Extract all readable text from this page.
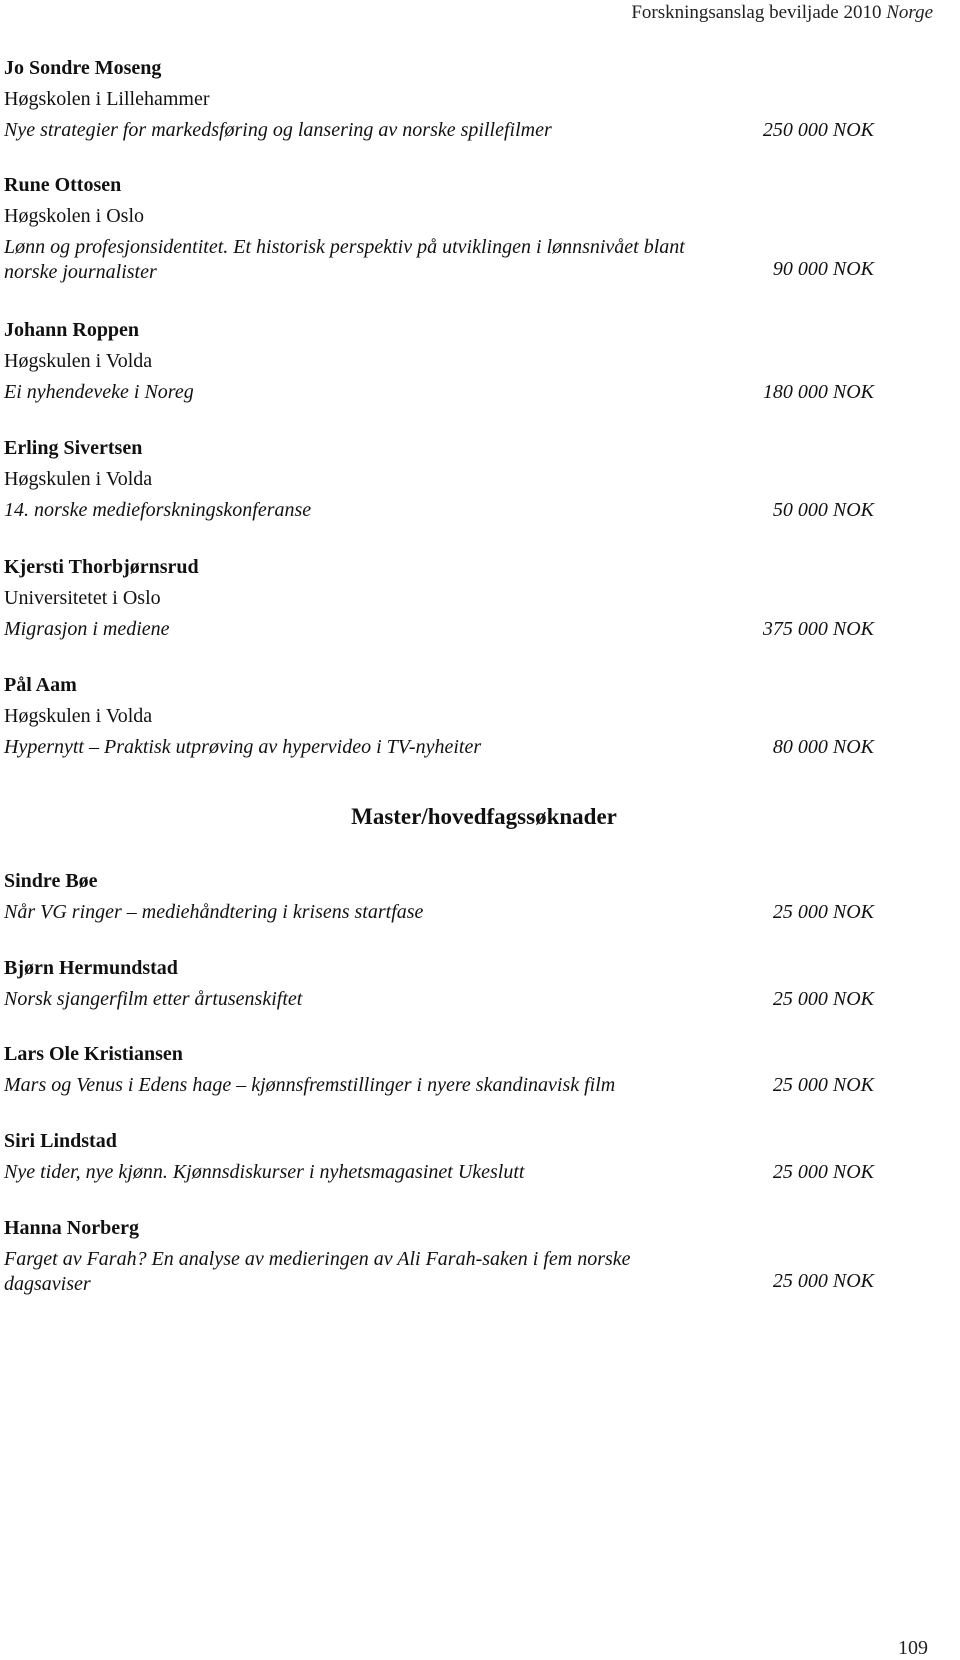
Forskningsanslag beviljade 2010 Norge
Jo Sondre Moseng
Høgskolen i Lillehammer
Nye strategier for markedsføring og lansering av norske spillefilmer	250 000 NOK
Rune Ottosen
Høgskolen i Oslo
Lønn og profesjonsidentitet. Et historisk perspektiv på utviklingen i lønnsnivået blant norske journalister	90 000 NOK
Johann Roppen
Høgskulen i Volda
Ei nyhendeveke i Noreg	180 000 NOK
Erling Sivertsen
Høgskulen i Volda
14. norske medieforskningskonferanse	50 000 NOK
Kjersti Thorbjørnsrud
Universitetet i Oslo
Migrasjon i mediene	375 000 NOK
Pål Aam
Høgskulen i Volda
Hypernytt – Praktisk utprøving av hypervideo i TV-nyheiter	80 000 NOK
Master/hovedfagssøknader
Sindre Bøe
Når VG ringer – mediehåndtering i krisens startfase	25 000 NOK
Bjørn Hermundstad
Norsk sjangerfilm etter årtusenskiftet	25 000 NOK
Lars Ole Kristiansen
Mars og Venus i Edens hage – kjønnsfremstillinger i nyere skandinavisk film	25 000 NOK
Siri Lindstad
Nye tider, nye kjønn. Kjønnsdiskurser i nyhetsmagasinet Ukeslutt	25 000 NOK
Hanna Norberg
Farget av Farah? En analyse av medieringen av Ali Farah-saken i fem norske dagsaviser	25 000 NOK
109
